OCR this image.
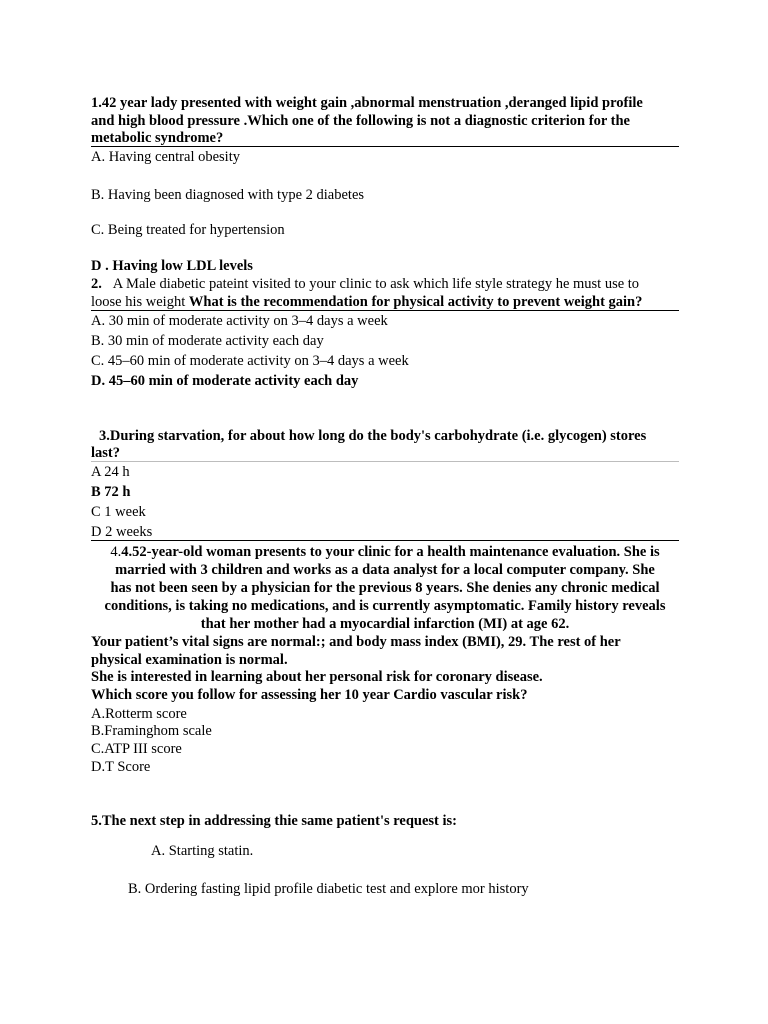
1.42 year lady presented with weight gain ,abnormal menstruation ,deranged lipid profile
and high blood pressure .Which one of the following is not a diagnostic criterion for the
metabolic syndrome?
A. Having central obesity
B. Having been diagnosed with type 2 diabetes
C. Being treated for hypertension
D . Having low LDL levels
2. A Male diabetic pateint visited to your clinic to ask which life style strategy he must use to
loose his weight What is the recommendation for physical activity to prevent weight gain?
A. 30 min of moderate activity on 3–4 days a week
B. 30 min of moderate activity each day
C. 45–60 min of moderate activity on 3–4 days a week
D. 45–60 min of moderate activity each day
3.During starvation, for about how long do the body's carbohydrate (i.e. glycogen) stores
last?
A 24 h
B 72 h
C 1 week
D 2 weeks
4.4.52-year-old woman presents to your clinic for a health maintenance evaluation. She is
married with 3 children and works as a data analyst for a local computer company. She
has not been seen by a physician for the previous 8 years. She denies any chronic medical
conditions, is taking no medications, and is currently asymptomatic. Family history reveals
that her mother had a myocardial infarction (MI) at age 62.
Your patient’s vital signs are normal:; and body mass index (BMI), 29. The rest of her
physical examination is normal.
She is interested in learning about her personal risk for coronary disease.
Which score you follow for assessing her 10 year Cardio vascular risk?
A.Rotterm score
B.Framinghom scale
C.ATP III score
D.T Score
5.The next step in addressing thie same patient's request is:
A. Starting statin.
B. Ordering fasting lipid profile diabetic test and explore mor history
